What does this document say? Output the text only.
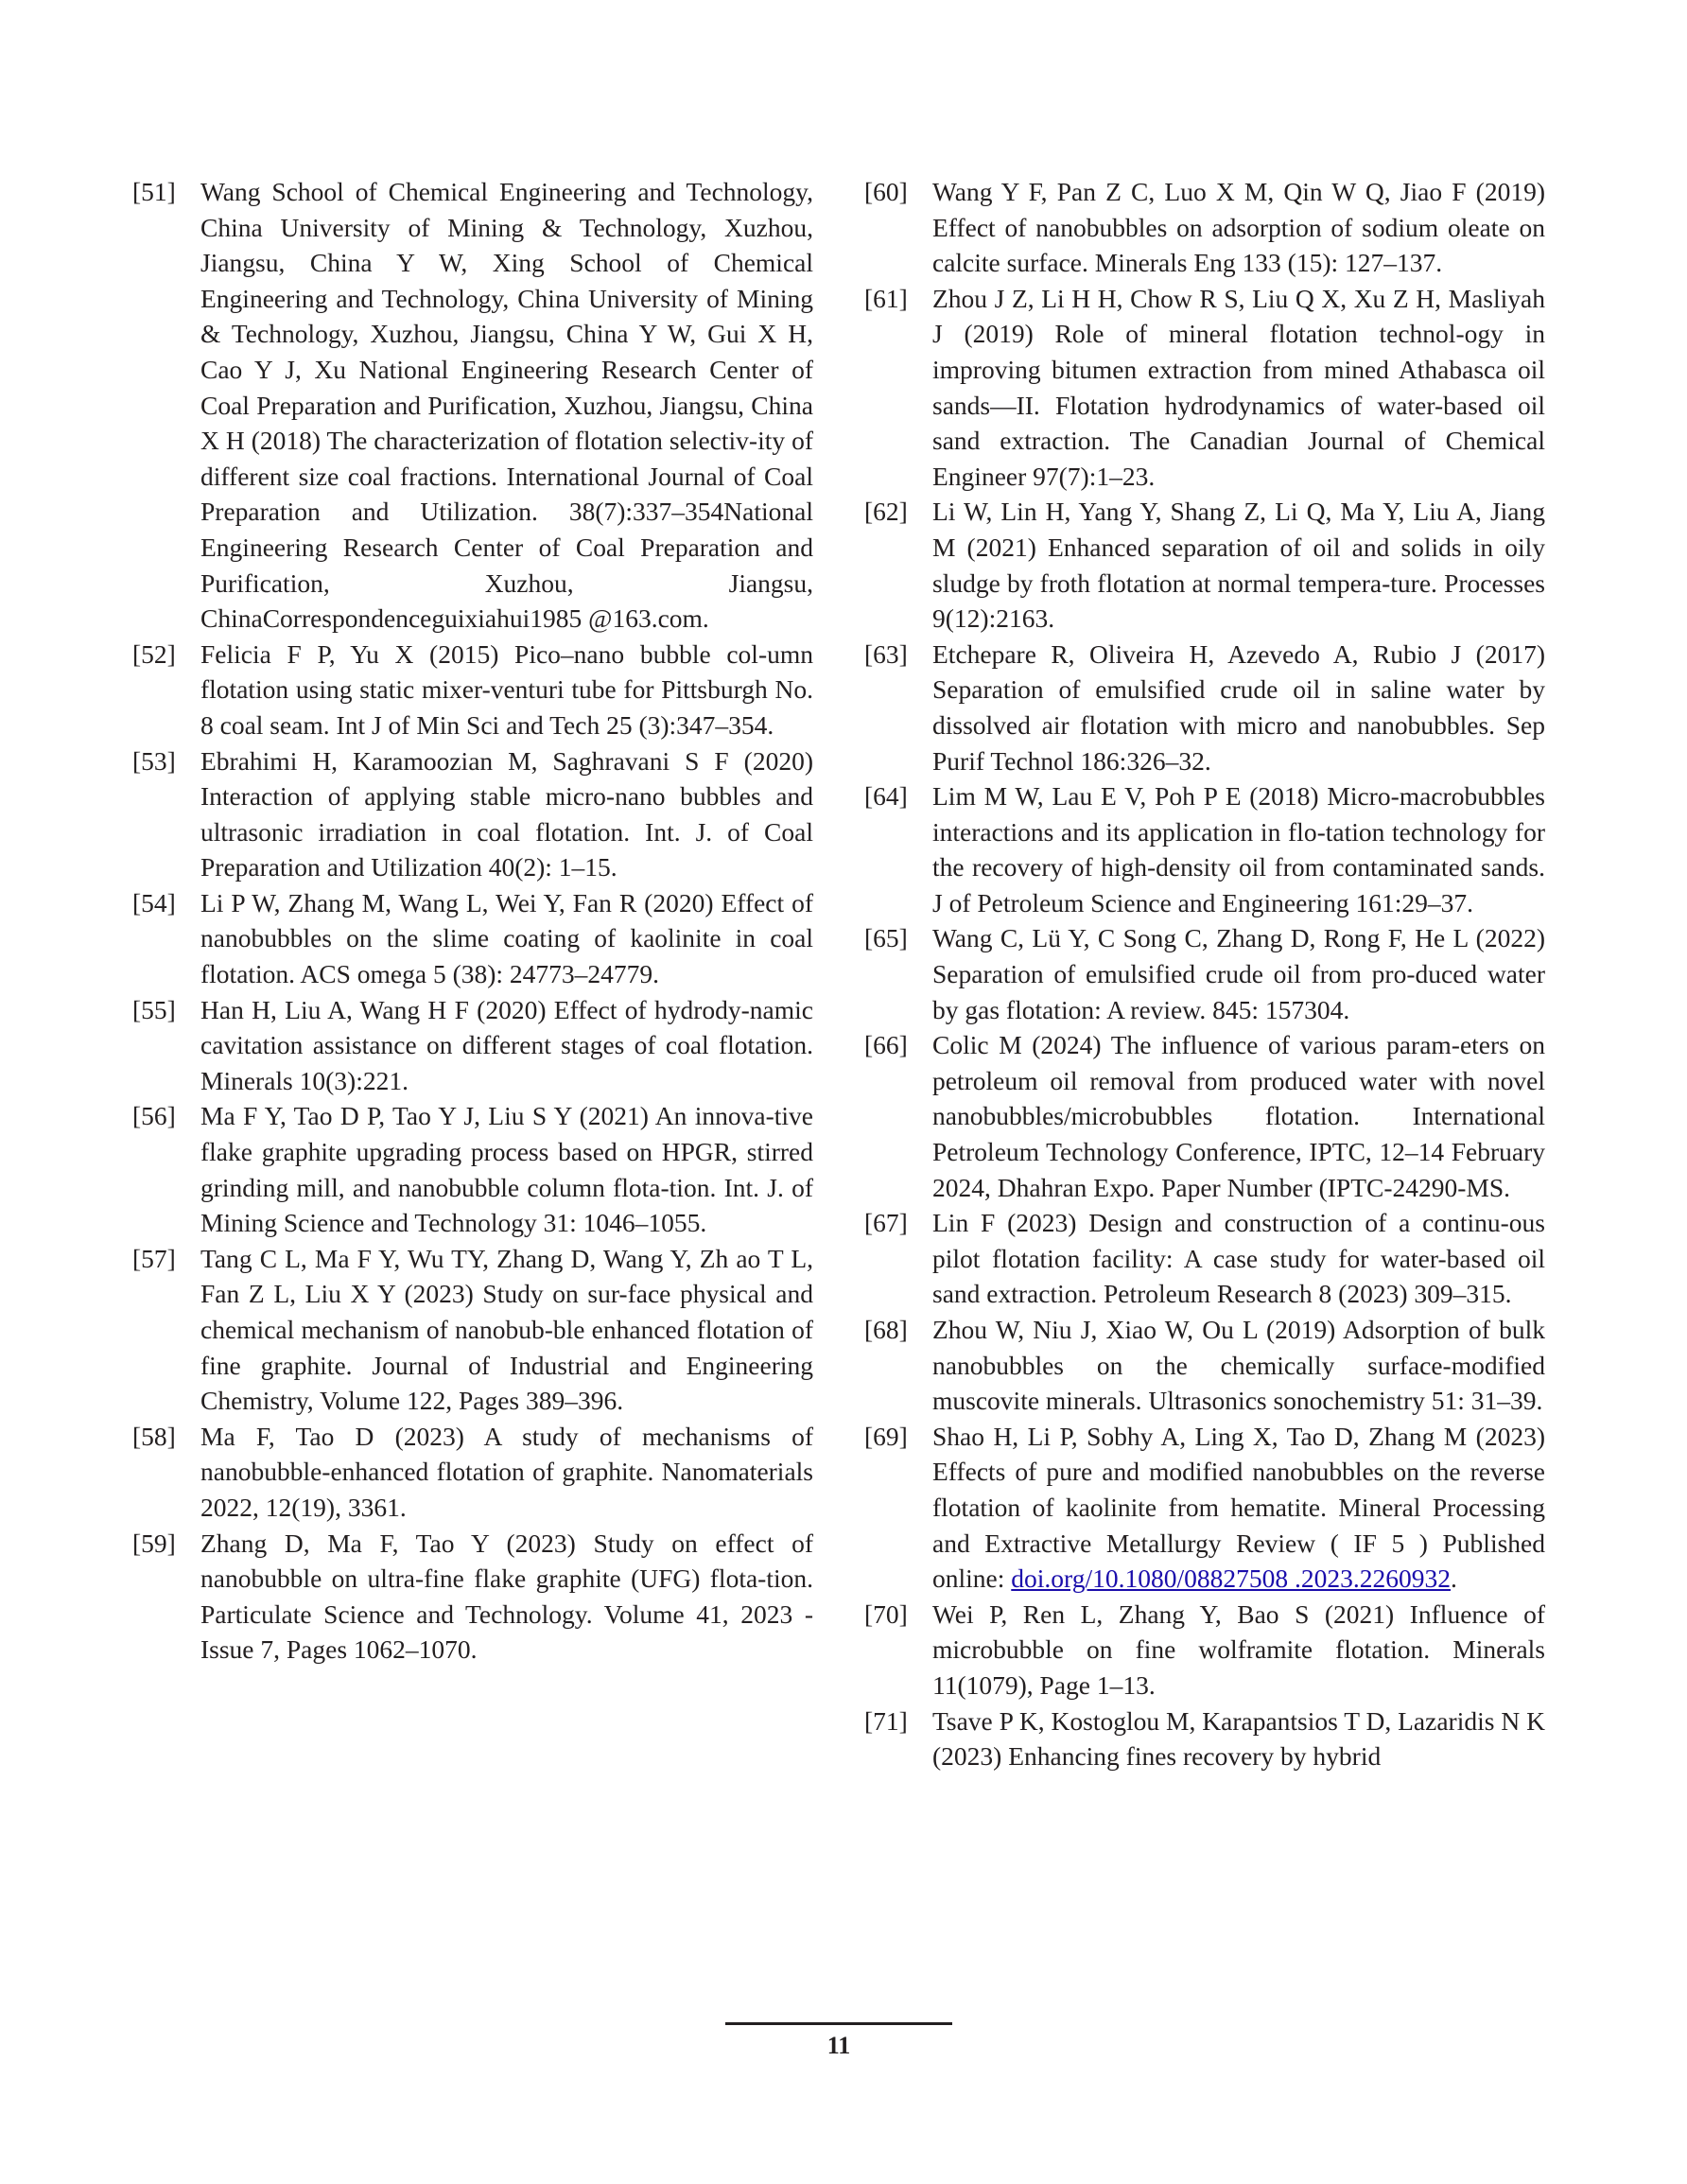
[51] Wang School of Chemical Engineering and Technology, China University of Mining & Technology, Xuzhou, Jiangsu, China Y W, Xing School of Chemical Engineering and Technology, China University of Mining & Technology, Xuzhou, Jiangsu, China Y W, Gui X H, Cao Y J, Xu National Engineering Research Center of Coal Preparation and Purification, Xuzhou, Jiangsu, China X H (2018) The characterization of flotation selectiv-ity of different size coal fractions. International Journal of Coal Preparation and Utilization. 38(7):337–354National Engineering Research Center of Coal Preparation and Purification, Xuzhou, Jiangsu, ChinaCorrespondenceguixiahui1985 @163.com.
[52] Felicia F P, Yu X (2015) Pico–nano bubble col-umn flotation using static mixer-venturi tube for Pittsburgh No. 8 coal seam. Int J of Min Sci and Tech 25 (3):347–354.
[53] Ebrahimi H, Karamoozian M, Saghravani S F (2020) Interaction of applying stable micro-nano bubbles and ultrasonic irradiation in coal flotation. Int. J. of Coal Preparation and Utilization 40(2): 1–15.
[54] Li P W, Zhang M, Wang L, Wei Y, Fan R (2020) Effect of nanobubbles on the slime coating of kaolinite in coal flotation. ACS omega 5 (38): 24773–24779.
[55] Han H, Liu A, Wang H F (2020) Effect of hydrody-namic cavitation assistance on different stages of coal flotation. Minerals 10(3):221.
[56] Ma F Y, Tao D P, Tao Y J, Liu S Y (2021) An innova-tive flake graphite upgrading process based on HPGR, stirred grinding mill, and nanobubble column flota-tion. Int. J. of Mining Science and Technology 31: 1046–1055.
[57] Tang C L, Ma F Y, Wu TY, Zhang D, Wang Y, Zh ao T L, Fan Z L, Liu X Y (2023) Study on sur-face physical and chemical mechanism of nanobub-ble enhanced flotation of fine graphite. Journal of Industrial and Engineering Chemistry, Volume 122, Pages 389–396.
[58] Ma F, Tao D (2023) A study of mechanisms of nanobubble-enhanced flotation of graphite. Nanomaterials 2022, 12(19), 3361.
[59] Zhang D, Ma F, Tao Y (2023) Study on effect of nanobubble on ultra-fine flake graphite (UFG) flota-tion. Particulate Science and Technology. Volume 41, 2023 - Issue 7, Pages 1062–1070.
[60] Wang Y F, Pan Z C, Luo X M, Qin W Q, Jiao F (2019) Effect of nanobubbles on adsorption of sodium oleate on calcite surface. Minerals Eng 133 (15): 127–137.
[61] Zhou J Z, Li H H, Chow R S, Liu Q X, Xu Z H, Masliyah J (2019) Role of mineral flotation technol-ogy in improving bitumen extraction from mined Athabasca oil sands—II. Flotation hydrodynamics of water-based oil sand extraction. The Canadian Journal of Chemical Engineer 97(7):1–23.
[62] Li W, Lin H, Yang Y, Shang Z, Li Q, Ma Y, Liu A, Jiang M (2021) Enhanced separation of oil and solids in oily sludge by froth flotation at normal tempera-ture. Processes 9(12):2163.
[63] Etchepare R, Oliveira H, Azevedo A, Rubio J (2017) Separation of emulsified crude oil in saline water by dissolved air flotation with micro and nanobubbles. Sep Purif Technol 186:326–32.
[64] Lim M W, Lau E V, Poh P E (2018) Micro-macrobubbles interactions and its application in flo-tation technology for the recovery of high-density oil from contaminated sands. J of Petroleum Science and Engineering 161:29–37.
[65] Wang C, Lü Y, C Song C, Zhang D, Rong F, He L (2022) Separation of emulsified crude oil from pro-duced water by gas flotation: A review. 845: 157304.
[66] Colic M (2024) The influence of various param-eters on petroleum oil removal from produced water with novel nanobubbles/microbubbles flotation. International Petroleum Technology Conference, IPTC, 12–14 February 2024, Dhahran Expo. Paper Number (IPTC-24290-MS.
[67] Lin F (2023) Design and construction of a continu-ous pilot flotation facility: A case study for water-based oil sand extraction. Petroleum Research 8 (2023) 309–315.
[68] Zhou W, Niu J, Xiao W, Ou L (2019) Adsorption of bulk nanobubbles on the chemically surface-modified muscovite minerals. Ultrasonics sonochemistry 51: 31–39.
[69] Shao H, Li P, Sobhy A, Ling X, Tao D, Zhang M (2023) Effects of pure and modified nanobubbles on the reverse flotation of kaolinite from hematite. Mineral Processing and Extractive Metallurgy Review ( IF 5 ) Published online: doi.org/10.1080/08827508 .2023.2260932.
[70] Wei P, Ren L, Zhang Y, Bao S (2021) Influence of microbubble on fine wolframite flotation. Minerals 11(1079), Page 1–13.
[71] Tsave P K, Kostoglou M, Karapantsios T D, Lazaridis N K (2023) Enhancing fines recovery by hybrid
11
